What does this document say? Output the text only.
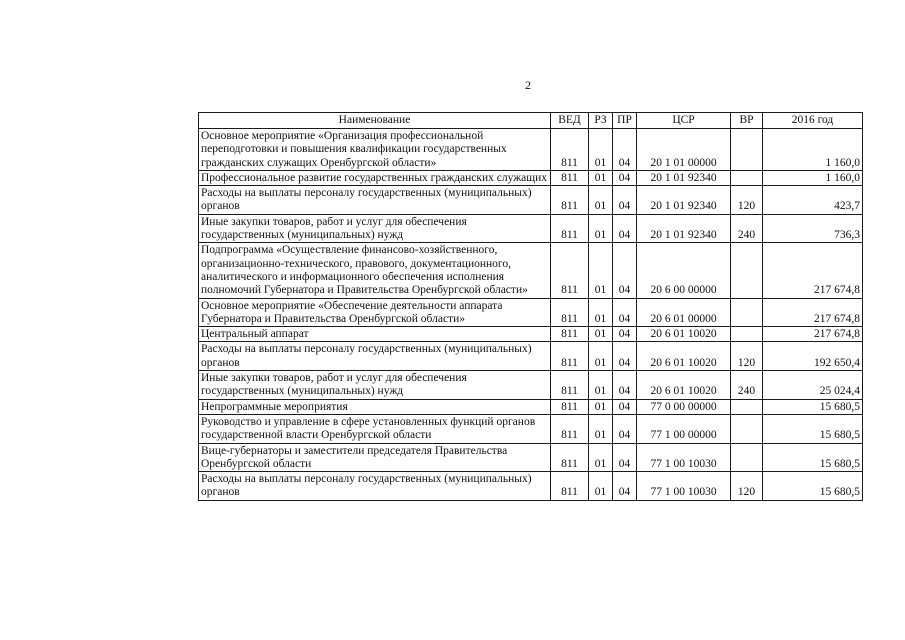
2
Наименование	ВЕД	РЗ	ПР	ЦСР	ВР	2016 год
Основное мероприятие «Организация профессиональной переподготовки и повышения квалификации государственных гражданских служащих Оренбургской области»	811	01	04	20 1 01 00000		1 160,0
Профессиональное развитие государственных гражданских служащих	811	01	04	20 1 01 92340		1 160,0
Расходы на выплаты персоналу государственных (муниципальных) органов	811	01	04	20 1 01 92340	120	423,7
Иные закупки товаров, работ и услуг для обеспечения государственных (муниципальных) нужд	811	01	04	20 1 01 92340	240	736,3
Подпрограмма «Осуществление финансово-хозяйственного, организационно-технического, правового, документационного, аналитического и информационного обеспечения исполнения полномочий Губернатора и Правительства Оренбургской области»	811	01	04	20 6 00 00000		217 674,8
Основное мероприятие «Обеспечение деятельности аппарата Губернатора и Правительства Оренбургской области»	811	01	04	20 6 01 00000		217 674,8
Центральный аппарат	811	01	04	20 6 01 10020		217 674,8
Расходы на выплаты персоналу государственных (муниципальных) органов	811	01	04	20 6 01 10020	120	192 650,4
Иные закупки товаров, работ и услуг для обеспечения государственных (муниципальных) нужд	811	01	04	20 6 01 10020	240	25 024,4
Непрограммные мероприятия	811	01	04	77 0 00 00000		15 680,5
Руководство и управление в сфере установленных функций органов государственной власти Оренбургской области	811	01	04	77 1 00 00000		15 680,5
Вице-губернаторы и заместители председателя Правительства Оренбургской области	811	01	04	77 1 00 10030		15 680,5
Расходы на выплаты персоналу государственных (муниципальных) органов	811	01	04	77 1 00 10030	120	15 680,5
